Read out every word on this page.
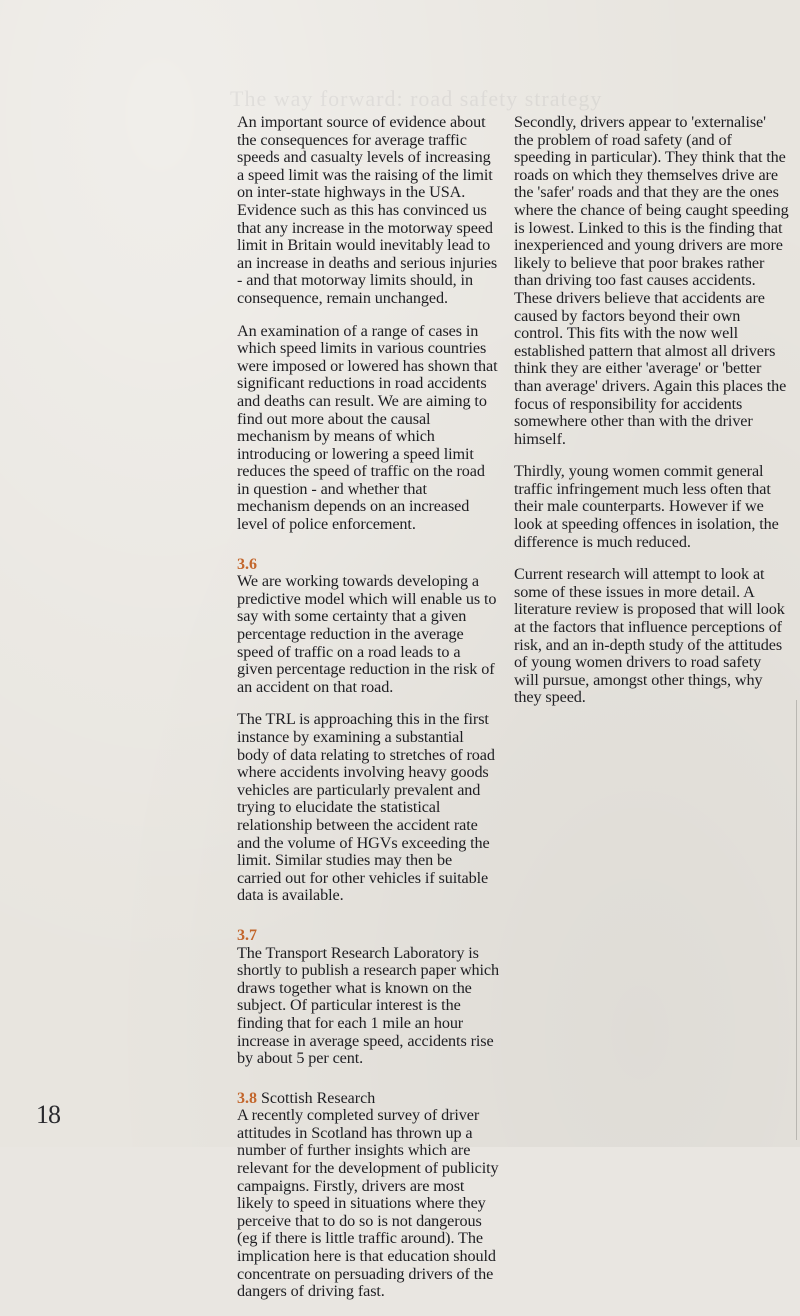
The way forward: road safety strategy

An important source of evidence about the consequences for average traffic speeds and casualty levels of increasing a speed limit was the raising of the limit on inter-state highways in the USA. Evidence such as this has convinced us that any increase in the motorway speed limit in Britain would inevitably lead to an increase in deaths and serious injuries - and that motorway limits should, in consequence, remain unchanged.

An examination of a range of cases in which speed limits in various countries were imposed or lowered has shown that significant reductions in road accidents and deaths can result. We are aiming to find out more about the causal mechanism by means of which introducing or lowering a speed limit reduces the speed of traffic on the road in question - and whether that mechanism depends on an increased level of police enforcement.

3.6

We are working towards developing a predictive model which will enable us to say with some certainty that a given percentage reduction in the average speed of traffic on a road leads to a given percentage reduction in the risk of an accident on that road.

The TRL is approaching this in the first instance by examining a substantial body of data relating to stretches of road where accidents involving heavy goods vehicles are particularly prevalent and trying to elucidate the statistical relationship between the accident rate and the volume of HGVs exceeding the limit. Similar studies may then be carried out for other vehicles if suitable data is available.

3.7

The Transport Research Laboratory is shortly to publish a research paper which draws together what is known on the subject. Of particular interest is the finding that for each 1 mile an hour increase in average speed, accidents rise by about 5 per cent.

3.8 Scottish Research

A recently completed survey of driver attitudes in Scotland has thrown up a number of further insights which are relevant for the development of publicity campaigns. Firstly, drivers are most likely to speed in situations where they perceive that to do so is not dangerous (eg if there is little traffic around). The implication here is that education should concentrate on persuading drivers of the dangers of driving fast.

Secondly, drivers appear to 'externalise' the problem of road safety (and of speeding in particular). They think that the roads on which they themselves drive are the 'safer' roads and that they are the ones where the chance of being caught speeding is lowest. Linked to this is the finding that inexperienced and young drivers are more likely to believe that poor brakes rather than driving too fast causes accidents. These drivers believe that accidents are caused by factors beyond their own control. This fits with the now well established pattern that almost all drivers think they are either 'average' or 'better than average' drivers. Again this places the focus of responsibility for accidents somewhere other than with the driver himself.

Thirdly, young women commit general traffic infringement much less often that their male counterparts. However if we look at speeding offences in isolation, the difference is much reduced.

Current research will attempt to look at some of these issues in more detail. A literature review is proposed that will look at the factors that influence perceptions of risk, and an in-depth study of the attitudes of young women drivers to road safety will pursue, amongst other things, why they speed.

18
